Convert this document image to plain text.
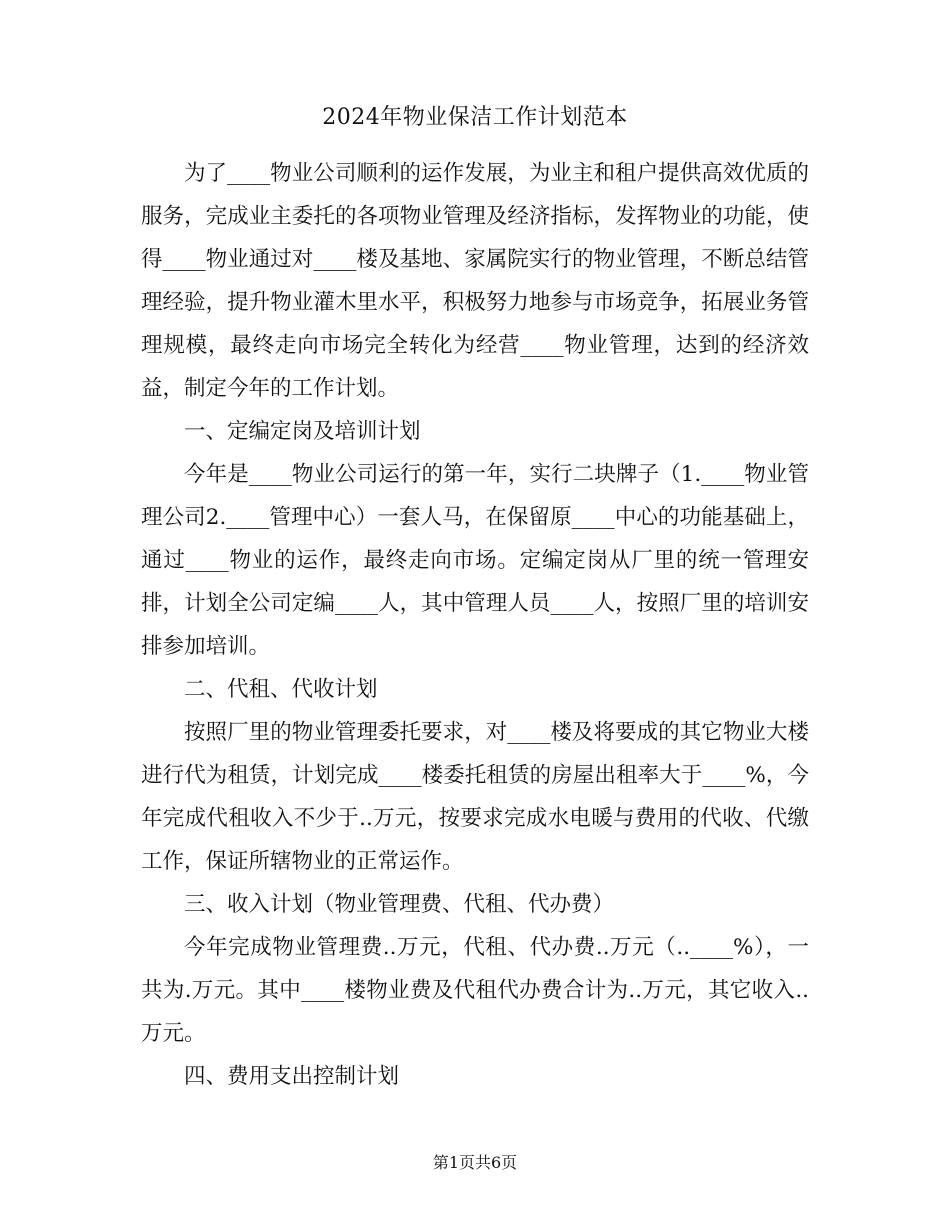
2024年物业保洁工作计划范本

为了____物业公司顺利的运作发展，为业主和租户提供高效优质的服务，完成业主委托的各项物业管理及经济指标，发挥物业的功能，使得____物业通过对____楼及基地、家属院实行的物业管理，不断总结管理经验，提升物业灌木里水平，积极努力地参与市场竞争，拓展业务管理规模，最终走向市场完全转化为经营____物业管理，达到的经济效益，制定今年的工作计划。

一、定编定岗及培训计划

今年是____物业公司运行的第一年，实行二块牌子（1.____物业管理公司2.____管理中心）一套人马，在保留原____中心的功能基础上，通过____物业的运作，最终走向市场。定编定岗从厂里的统一管理安排，计划全公司定编____人，其中管理人员____人，按照厂里的培训安排参加培训。

二、代租、代收计划

按照厂里的物业管理委托要求，对____楼及将要成的其它物业大楼进行代为租赁，计划完成____楼委托租赁的房屋出租率大于____%，今年完成代租收入不少于..万元，按要求完成水电暖与费用的代收、代缴工作，保证所辖物业的正常运作。

三、收入计划（物业管理费、代租、代办费）

今年完成物业管理费..万元，代租、代办费..万元（..____%），一共为.万元。其中____楼物业费及代租代办费合计为..万元，其它收入..万元。

四、费用支出控制计划

第1页共6页
